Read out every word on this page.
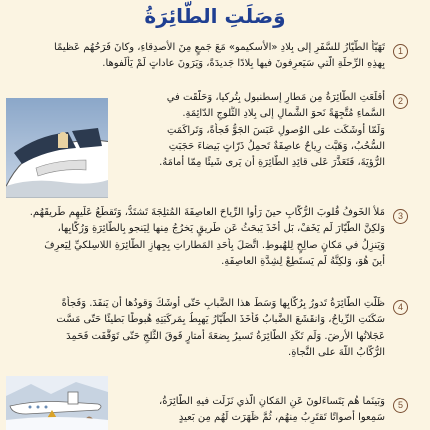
وَصَلَتِ الطّائِرَةُ
1
تَهَيّأَ الطَّيّارُ للسَّفَرِ إلى بِلادِ «الأسكيمو» مَعَ جَمعٍ مِنَ الأصدِقاءِ، وكانَ فَرَحُهُم عَظيمًا
بِهذِهِ الرِّحلَةِ الّتي سَيَعرِفونَ فيها بِلادًا جَديدَةً، وَيَرَونَ عاداتٍ لَمْ يَألَفوها.
2
أقلَعَتِ الطّائِرَةُ مِن مَطارِ إسطنبول بِتُركيا، وَحَلَّقَت في
السَّماءِ مُتَّجِهَةً نَحوَ الشَّمالِ إلى بِلادِ الثُّلوجِ الدّائِمَةِ.
وَلَمّا أوشَكَت على الوُصولِ عَبَسَ الجَوُّ فَجأةً، وَتَراكَمَتِ
السُّحُبُ، وَهَبَّت رِياحٌ عاصِفَةٌ تَحمِلُ ذَرّاتٍ بَيضاءَ حَجَبَتِ
الرُّؤيَةَ، فَتَعَذَّرَ عَلى قائِدِ الطّائِرَةِ أن يَرى شَيئًا مِمّا أمامَهُ.
3
مَلأَ الخَوفُ قُلوبَ الرُّكّابِ حينَ رَأَوا الرِّياحَ العاصِفَةَ المُثلِجَةَ تَشتَدُّ، وَتَقطَعُ عَلَيهِم طَريقَهُم.
وَلكِنَّ الطَّيّارَ لَم يَخَفْ، بَل أخَذَ يَبحَثُ عَن طَريقٍ يَخرُجُ مِنها لِيَنجو بِالطّائِرَةِ وَرُكّابِها،
وَيَنزِلُ في مَكانٍ صالِحٍ لِلهُبوطِ. اتَّصَلَ بِأحَدِ المَطاراتِ بِجِهازِ الطّائِرَةِ اللاسِلكيِّ لِيَعرِفَ
أينَ هُوَ، وَلكِنَّهُ لَم يَستَطِعْ لِشِدَّةِ العاصِفَةِ.
4
ظَلَّتِ الطّائِرَةُ تَدورُ بِرُكّابِها وَسَطَ هذا الضَّبابِ حَتّى أوشَكَ وَقودُها أن يَنفَدَ. وَفَجأةً
سَكَنَتِ الرِّياحُ، وَانقَشَعَ الضَّبابُ فَأخَذَ الطَّيّارُ يَهبِطُ بِمَركَبَتِهِ هُبوطًا بَطيئًا حَتّى مَسَّت
عَجَلاتُها الأرضَ. وَلَم تَكَدِ الطّائِرَةُ تَسيرُ بِضعَةَ أمتارٍ فَوقَ الثَّلجِ حَتّى تَوَقَّفَت فَحَمِدَ
الرُّكّابُ اللّهَ على النَّجاةِ.
5
وَبَينَما هُم يَتَساءَلونَ عَنِ المَكانِ الّذي نَزَلَت فيهِ الطّائِرَةُ،
سَمِعوا أصواتًا تَقتَرِبُ مِنهُم، ثُمَّ ظَهَرَت لَهُم مِن بَعيدٍ
